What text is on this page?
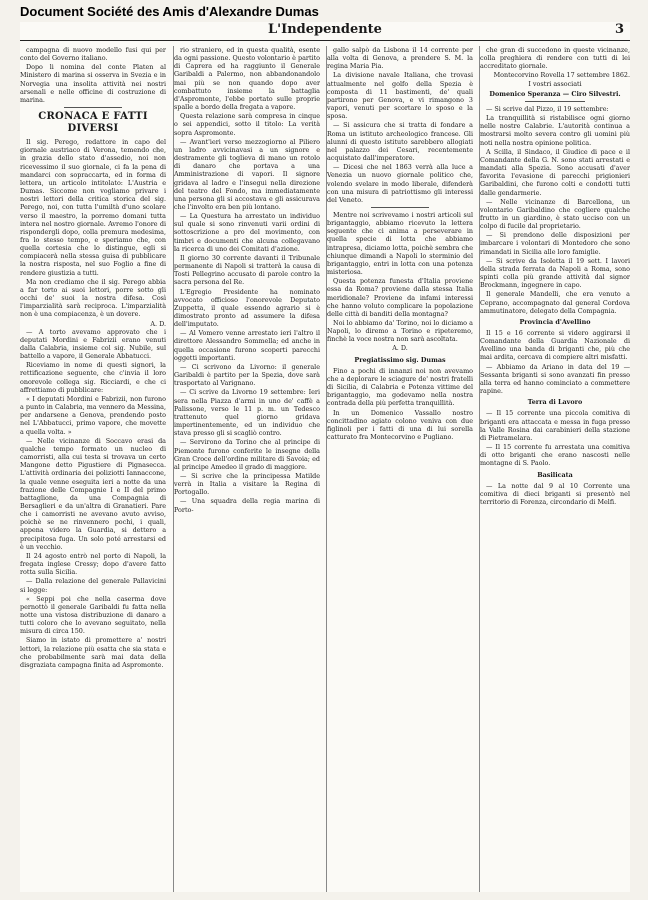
Document Société des Amis d'Alexandre Dumas
L'Independente	3

campagna di nuovo modello fusi qui per conto del Governo italiano.

Dopo li nomina del conte Platen al Ministero di marina si osserva in Svezia e in Norvegia una insolita attività nei nostri arsenali e nelle officine di costruzione di marina.

CRONACA E FATTI DIVERSI

Il sig. Perego, redattore in capo del giornale austriaco di Verona, temendo che, in grazia dello stato d'assedio, noi non ricevessimo il suo giornale, ci fa la pena di mandarci con sopraccarta, ed in forma di lettera, un articolo intitolato: L'Austria e Dumas. Siccome non vogliamo privare i nostri lettori della critica storica del sig. Perego, noi, con tutta l'umiltà d'uno scolare verso il maestro, la porremo domani tutta intera nel nostro giornale. Avremo l'onore di rispondergli dopo, colla premura medesima, fra lo stesso tempo, e speriamo che, con quella cortesia che lo distingue, egli si compiacerà nella stessa guisa di pubblicare la nostra risposta, nel suo Foglio a fine di rendere giustizia a tutti.

Ma non crediamo che il sig. Perego abbia a far torto ai suoi lettori, porre sotto gli occhi de' suoi la nostra difesa. Così l'imparzialità sarà reciproca. L'imparzialità non è una compiacenza, è un dovere.

A. D.

— A torto avevamo approvato che i deputati Mordini e Fabrizii erano venuti dalla Calabria, insieme col sig. Nubile, sul battello a vapore, il Generale Abbatucci.

Riceviamo in nome di questi signori, la rettificazione seguente, che c'invia il loro onorevole collega sig. Ricciardi, e che ci affrettiamo di pubblicare:

« I deputati Mordini e Fabrizii, non furono a punto in Calabria, ma vennero da Messina, per andarsene a Genova, prendendo posto nel L'Abbatucci, primo vapore, che movette a quella volta. »

— Nelle vicinanze di Soccavo erasi da qualche tempo formato un nucleo di camorristi, alla cui testa si trovava un certo Mangone detto Pigustiere di Pignasecca. L'attività ordinaria dei poliziotti Iannaccone, la quale venne eseguita ieri a notte da una frazione delle Compagnie I e II del primo battaglione, da una Compagnia di Bersaglieri e da un'altra di Granatieri. Pare che i camorristi ne avevano avuto avviso, poichè se ne rinvennero pochi, i quali, appena videro la Guardia, si dettero a precipitosa fuga. Un solo poté arrestarsi ed è un vecchio.

Il 24 agosto entrò nel porto di Napoli, la fregata inglese Cressy; dopo d'avere fatto rotta sulla Sicilia.

— Dalla relazione del generale Pallavicini si legge:

« Seppi poi che nella caserma dove pernottò il generale Garibaldi fu fatta nella notte una vistosa distribuzione di danaro a tutti coloro che lo avevano seguitato, nella misura di circa 150.

Siamo in istato di promettere a' nostri lettori, la relazione più esatta che sia stata e che probabilmente sarà mai data della disgraziata campagna finita ad Aspromonte.

rio straniero, ed in questa qualità, esente da ogni passione. Questo volontario è partito di Caprera ed ha raggiunto il Generale Garibaldi a Palermo, non abbandonandolo mai più se non quando dopo aver combattuto insieme la battaglia d'Aspromonte, l'ebbe portato sulle proprie spalle a bordo della fregata a vapore.

Questa relazione sarà compresa in cinque o sei appendici, sotto il titolo: La verità sopra Aspromonte.

— Avant'ieri verso mezzogiorno al Piliero un ladro avvicinavasi a un signore e destramente gli toglieva di mano un rotolo di danaro che portava a una Amministrazione di vapori. Il signore gridava al ladro e l'insegui nella direzione del teatro del Fondo, ma immediatamente una persona gli si accostava e gli assicurava che l'involto era ben più lontano.

— La Questura ha arrestato un individuo sul quale si sono rinvenuti varii ordini di sottoscrizione a pro del movimento, con timbri e documenti che alcuna collegavano la ricerca di uno dei Comitati d'azione.

Il giorno 30 corrente davanti il Tribunale permanente di Napoli si tratterà la causa di Tosti Pellegrino accusato di parole contro la sacra persona del Re.

L'Egregio Presidente ha nominato avvocato officioso l'onorevole Deputato Zuppetta, il quale essendo agrario si è dimostrato pronto ad assumere la difesa dell'imputato.

— Al Vomero venne arrestato ieri l'altro il direttore Alessandro Sommella; ed anche in quella occasione furono scoperti parecchi oggetti importanti.

— Ci scrivono da Livorno: il generale Garibaldi è partito per la Spezia, dove sarà trasportato al Varignano.

— Ci scrive da Livorno 19 settembre: Ieri sera nella Piazza d'armi in uno de' caffè a Palissone, verso le 11 p. m. un Tedesco trattenuto quel giorno gridava impertinentemente, ed un individuo che stava presso gli si scagliò contro.

— Servirono da Torino che al principe di Piemonte furono conferite le insegne della Gran Croce dell'ordine militare di Savoia; ed al principe Amedeo il grado di maggiore.

— Si scrive che la principessa Matilde verrà in Italia a visitare la Regina di Portogallo.

— Una squadra della regia marina di Porto-

gallo salpò da Lisbona il 14 corrente per alla volta di Genova, a prendere S. M. la regina Maria Pia.

La divisione navale Italiana, che trovasi attualmente nel golfo della Spezia è composta di 11 bastimenti, de' quali partirono per Genova, e vi rimangono 3 vapori, venuti per scortare lo sposo e la sposa.

— Si assicura che si tratta di fondare a Roma un istituto archeologico francese. Gli alunni di questo istituto sarebbero allogiati nel palazzo dei Cesari, recentemente acquistato dall'imperatore.

— Dicesi che nel 1863 verrà alla luce a Venezia un nuovo giornale politico che, volendo svelare in modo liberale, difenderà con una misura di patriottismo gli interessi del Veneto.

Mentre noi scrivevamo i nostri articoli sul brigantaggio, abbiamo ricevuto la lettera seguente che ci anima a perseverare in quella specie di lotta che abbiamo intrapresa, diciamo lotta, poichè sembra che chiunque dimandi a Napoli lo sterminio del brigantaggio, entri in lotta con una potenza misteriosa.

Questa potenza funesta d'Italia proviene essa da Roma? proviene dalla stessa Italia meridionale? Proviene da infami interessi che hanno voluto complicare la popolazione delle città di banditi della montagna?

Noi lo abbiamo da' Torino, noi lo diciamo a Napoli, lo diremo a Torino e ripeteremo, finchè la voce nostra non sarà ascoltata.

A. D.
Pregiatissimo sig. Dumas

Fino a pochi di innanzi noi non avevamo che a deplorare le sciagure de' nostri fratelli di Sicilia, di Calabria e Potenza vittime del brigantaggio, ma godevamo nella nostra contrada della più perfetta tranquillità.

In un Domenico Vassallo nostro concittadino agiato colono veniva con due figlinoli per i fatti di una di lui sorella catturato fra Montecorvino e Pugliano.

che gran di succedono in queste vicinanze, colla preghiera di rendere con tutti di lei accreditato giornale.

Montecorvino Rovella 17 settembre 1862.
I vostri associati
Domenico Speranza — Ciro Silvestri.

— Si scrive dal Pizzo, il 19 settembre:

La tranquillità si ristabilisce ogni giorno nelle nostre Calabrie. L'autorità continua a mostrarsi molto severa contro gli uomini più noti nella nostra opinione politica.

A Scilla, il Sindaco, il Giudice di pace e il Comandante della G. N. sono stati arrestati e mandati alla Spezia. Sono accusati d'aver favorita l'evasione di parecchi prigionieri Garibaldini, che furono colti e condotti tutti dalle gendarmerie.

— Nelle vicinanze di Barcellona, un volontario Garibaldino che cogliere qualche frutto in un giardino, è stato ucciso con un colpo di fucile dal proprietario.

— Si prendono delle disposizioni per imbarcare i volontari di Montedoro che sono rimandati in Sicilia alle loro famiglie.

— Si scrive da Isoletta il 19 sett. I lavori della strada ferrata da Napoli a Roma, sono spinti colla più grande attività dal signor Brockmann, ingegnere in capo.

Il generale Mandelli, che era venuto a Ceprano, accompagnato dal general Cordova ammutinatore, delegato della Compagnia.

Provincia d'Avellino

Il 15 e 16 corrente si videro aggirarsi il Comandante della Guardia Nazionale di Avellino una banda di briganti che, più che mai ardita, cercava di compiere altri misfatti.

— Abbiamo da Ariano in data del 19 — Sessanta briganti si sono avanzati fin presso alla terra ed hanno cominciato a commettere rapine.

Terra di Lavoro

— Il 15 corrente una piccola comitiva di briganti era attaccata e messa in fuga presso la Valle Rosina dai carabinieri della stazione di Pietramelara.

— Il 15 corrente fu arrestata una comitiva di otto briganti che erano nascosti nelle montagne di S. Paolo.

Basilicata

— La notte dal 9 al 10 Corrente una comitiva di dieci briganti si presentò nel territorio di Forenza, circondario di Melfi.
